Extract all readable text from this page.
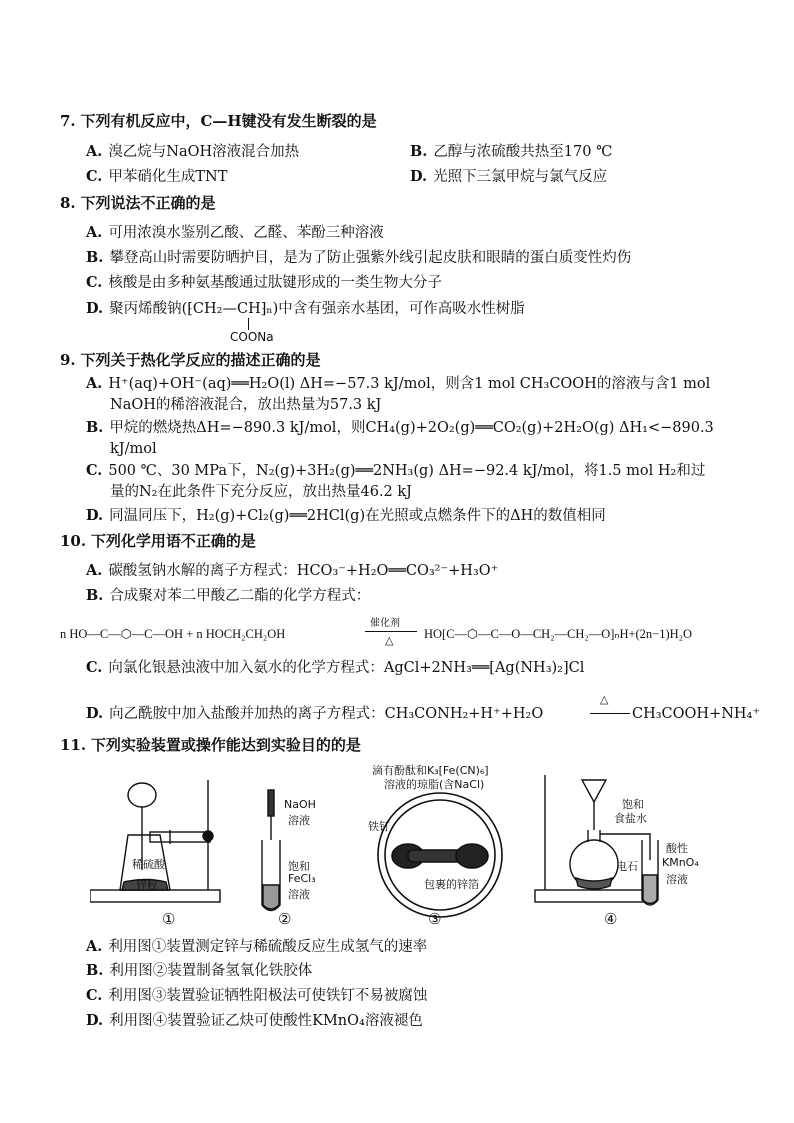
7. 下列有机反应中，C—H键没有发生断裂的是
A. 溴乙烷与NaOH溶液混合加热	B. 乙醇与浓硫酸共热至170 ℃
C. 甲苯硝化生成TNT	D. 光照下三氯甲烷与氯气反应
8. 下列说法不正确的是
A. 可用浓溴水鉴别乙酸、乙醛、苯酚三种溶液
B. 攀登高山时需要防晒护目，是为了防止强紫外线引起皮肤和眼睛的蛋白质变性灼伤
C. 核酸是由多种氨基酸通过肽键形成的一类生物大分子
D. 聚丙烯酸钠(⁅CH₂—CH⁆ₙ)中含有强亲水基团，可作高吸水性树脂
COONa
9. 下列关于热化学反应的描述正确的是
A. H⁺(aq)+OH⁻(aq)══H₂O(l) ΔH=−57.3 kJ/mol，则含1 mol CH₃COOH的溶液与含1 mol
NaOH的稀溶液混合，放出热量为57.3 kJ
B. 甲烷的燃烧热ΔH=−890.3 kJ/mol，则CH₄(g)+2O₂(g)══CO₂(g)+2H₂O(g) ΔH₁<−890.3
kJ/mol
C. 500 ℃、30 MPa下，N₂(g)+3H₂(g)══2NH₃(g) ΔH=−92.4 kJ/mol，将1.5 mol H₂和过
量的N₂在此条件下充分反应，放出热量46.2 kJ
D. 同温同压下，H₂(g)+Cl₂(g)══2HCl(g)在光照或点燃条件下的ΔH的数值相同
10. 下列化学用语不正确的是
A. 碳酸氢钠水解的离子方程式：HCO₃⁻+H₂O══CO₃²⁻+H₃O⁺
B. 合成聚对苯二甲酸乙二酯的化学方程式：
n HO—C—⬡—C—OH + n HOCH₂CH₂OH
催化剂
△ HO[C—⬡—C—O—CH₂—CH₂—O]ₙH+(2n−1)H₂O
C. 向氯化银悬浊液中加入氨水的化学方程式：AgCl+2NH₃══[Ag(NH₃)₂]Cl
D. 向乙酰胺中加入盐酸并加热的离子方程式：CH₃CONH₂+H⁺+H₂O
△
CH₃COOH+NH₄⁺
11. 下列实验装置或操作能达到实验目的的是
稀硫酸
锌粒
①
NaOH
溶液
饱和
FeCl₃
溶液
②
滴有酚酞和K₃[Fe(CN)₆]
溶液的琼脂(含NaCl)
铁钉
包裹的锌箔
③
饱和
食盐水
电石
酸性
KMnO₄
溶液
④
A. 利用图①装置测定锌与稀硫酸反应生成氢气的速率
B. 利用图②装置制备氢氧化铁胶体
C. 利用图③装置验证牺牲阳极法可使铁钉不易被腐蚀
D. 利用图④装置验证乙炔可使酸性KMnO₄溶液褪色
